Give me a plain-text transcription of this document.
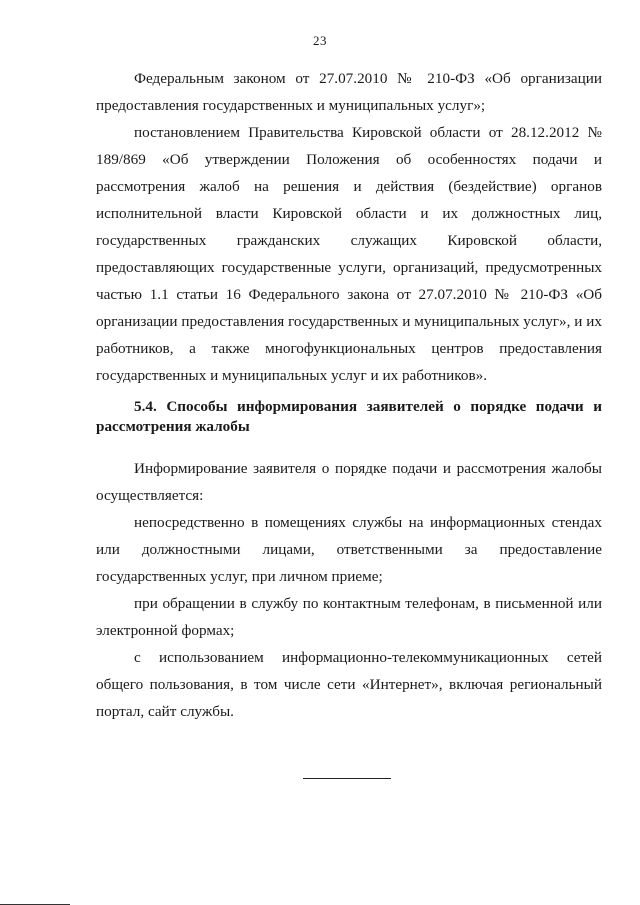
23

Федеральным законом от 27.07.2010 № 210-ФЗ «Об организации предоставления государственных и муниципальных услуг»;

постановлением Правительства Кировской области от 28.12.2012 № 189/869 «Об утверждении Положения об особенностях подачи и рассмотрения жалоб на решения и действия (бездействие) органов исполнительной власти Кировской области и их должностных лиц, государственных гражданских служащих Кировской области, предоставляющих государственные услуги, организаций, предусмотренных частью 1.1 статьи 16 Федерального закона от 27.07.2010 № 210-ФЗ «Об организации предоставления государственных и муниципальных услуг», и их работников, а также многофункциональных центров предоставления государственных и муниципальных услуг и их работников».

5.4. Способы информирования заявителей о порядке подачи и рассмотрения жалобы

Информирование заявителя о порядке подачи и рассмотрения жалобы осуществляется:

непосредственно в помещениях службы на информационных стендах или должностными лицами, ответственными за предоставление государственных услуг, при личном приеме;

при обращении в службу по контактным телефонам, в письменной или электронной формах;

с использованием информационно-телекоммуникационных сетей общего пользования, в том числе сети «Интернет», включая региональный портал, сайт службы.
